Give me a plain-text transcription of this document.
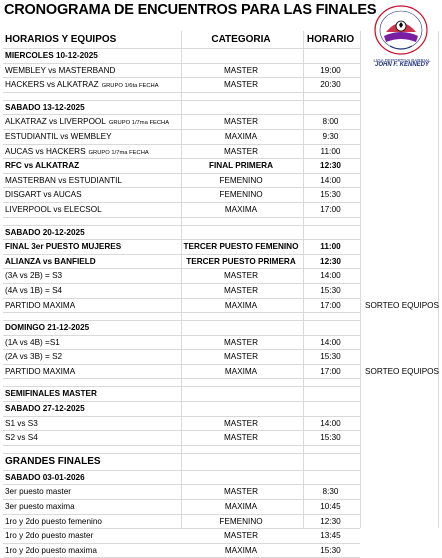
CRONOGRAMA DE ENCUENTROS PARA LAS FINALES
LIGA DEPORTIVA BARRIAL
JOHN F. KENNEDY
HORARIOS Y EQUIPOS	CATEGORIA	HORARIO
MIERCOLES 10-12-2025
WEMBLEY vs MASTERBAND	MASTER	19:00
HACKERS vs ALKATRAZ GRUPO 1/6ta FECHA	MASTER	20:30
SABADO 13-12-2025
ALKATRAZ vs LIVERPOOL GRUPO 1/7ma FECHA	MASTER	8:00
ESTUDIANTIL vs WEMBLEY	MAXIMA	9:30
AUCAS vs HACKERS GRUPO 1/7ma FECHA	MASTER	11:00
RFC vs ALKATRAZ	FINAL PRIMERA	12:30
MASTERBAN vs ESTUDIANTIL	FEMENINO	14:00
DISGART vs AUCAS	FEMENINO	15:30
LIVERPOOL vs ELECSOL	MAXIMA	17:00
SABADO 20-12-2025
FINAL 3er PUESTO MUJERES	TERCER PUESTO FEMENINO	11:00
ALIANZA vs BANFIELD	TERCER PUESTO PRIMERA	12:30
(3A vs 2B) = S3	MASTER	14:00
(4A vs 1B) = S4	MASTER	15:30
PARTIDO MAXIMA	MAXIMA	17:00	SORTEO EQUIPOS
DOMINGO 21-12-2025
(1A vs 4B) =S1	MASTER	14:00
(2A vs 3B) = S2	MASTER	15:30
PARTIDO MAXIMA	MAXIMA	17:00	SORTEO EQUIPOS
SEMIFINALES MASTER
SABADO 27-12-2025
S1 vs S3	MASTER	14:00
S2 vs S4	MASTER	15:30
GRANDES FINALES
SABADO 03-01-2026
3er puesto master	MASTER	8:30
3er puesto maxima	MAXIMA	10:45
1ro y 2do puesto femenino	FEMENINO	12:30
1ro y 2do puesto master	MASTER	13:45
1ro y 2do puesto maxima	MAXIMA	15:30
